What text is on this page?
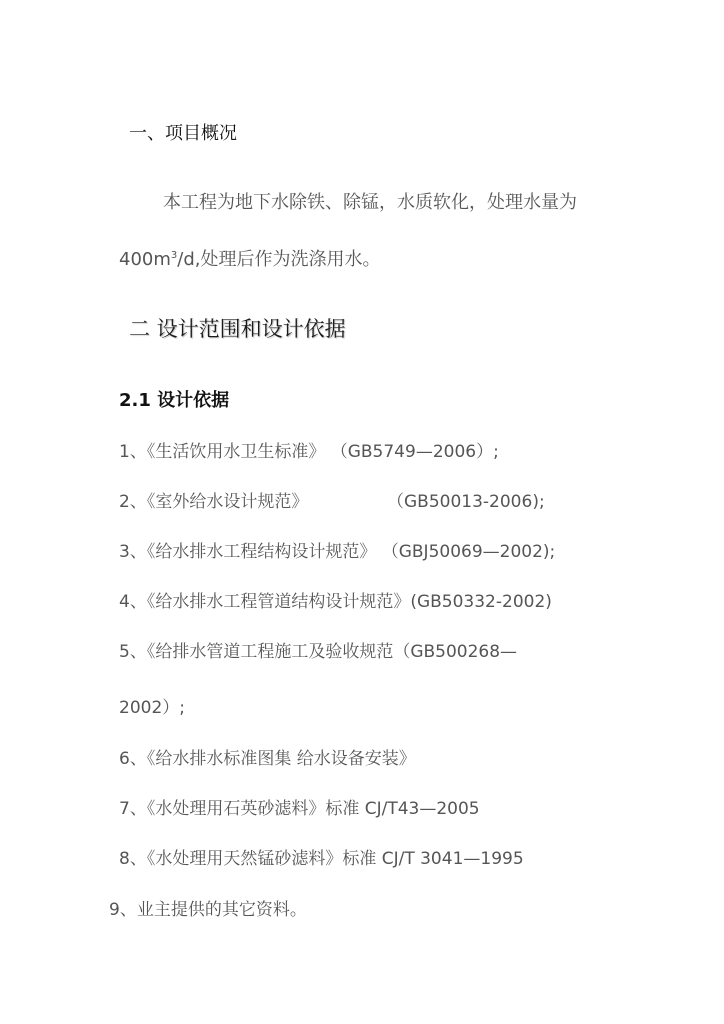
一、项目概况
本工程为地下水除铁、除锰，水质软化，处理水量为
$400m^3/d$,处理后作为洗涤用水。
二 设计范围和设计依据
2.1 设计依据
1、《生活饮用水卫生标准》 （GB5749—2006）;
2、《室外给水设计规范》	（GB50013-2006);
3、《给水排水工程结构设计规范》 （GBJ50069—2002);
4、《给水排水工程管道结构设计规范》(GB50332-2002)
5、《给排水管道工程施工及验收规范（GB500268—
2002）;
6、《给水排水标准图集 给水设备安装》
7、《水处理用石英砂滤料》标准 CJ/T43—2005
8、《水处理用天然锰砂滤料》标准 CJ/T 3041—1995
9、业主提供的其它资料。
